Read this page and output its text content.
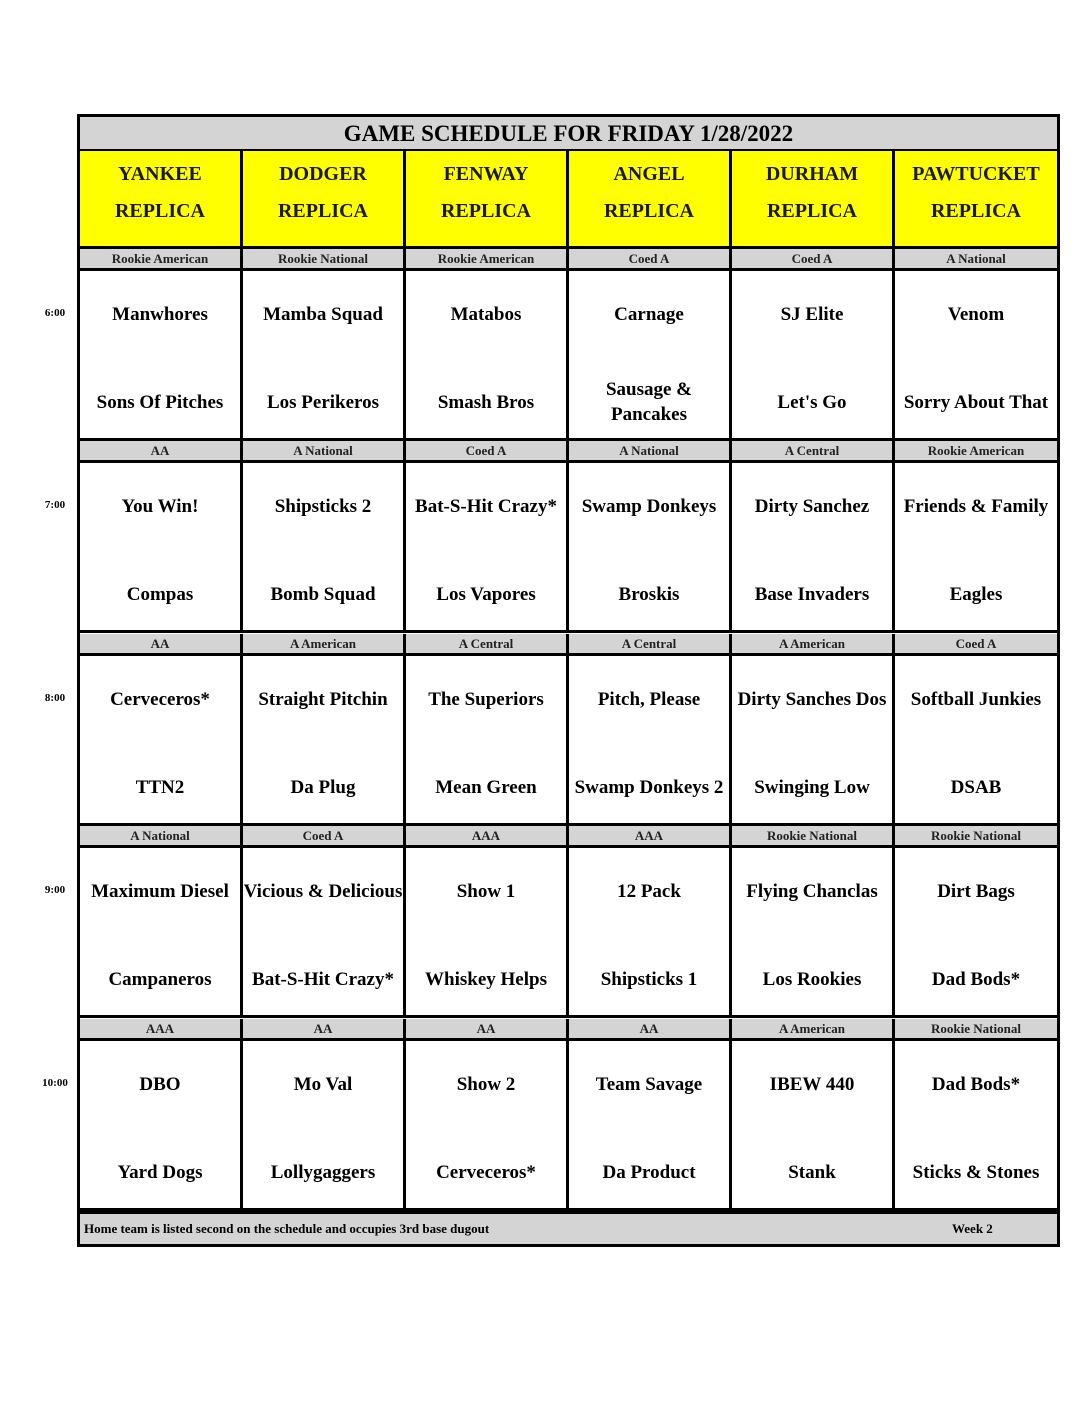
6:00
7:00
8:00
9:00
10:00
GAME SCHEDULE FOR FRIDAY 1/28/2022
Home team is listed second on the schedule and occupies 3rd base dugout	Week 2
YANKEE
REPLICA
DODGER
REPLICA
FENWAY
REPLICA
ANGEL
REPLICA
DURHAM
REPLICA
PAWTUCKET
REPLICA
Rookie American
Manwhores
Sons Of Pitches
Rookie National
Mamba Squad
Los Perikeros
Rookie American
Matabos
Smash Bros
Coed A
Carnage
Sausage & Pancakes
Coed A
SJ Elite
Let's Go
A National
Venom
Sorry About That
AA
You Win!
Compas
A National
Shipsticks 2
Bomb Squad
Coed A
Bat-S-Hit Crazy*
Los Vapores
A National
Swamp Donkeys
Broskis
A Central
Dirty Sanchez
Base Invaders
Rookie American
Friends & Family
Eagles
AA
Cerveceros*
TTN2
A American
Straight Pitchin
Da Plug
A Central
The Superiors
Mean Green
A Central
Pitch, Please
Swamp Donkeys 2
A American
Dirty Sanches Dos
Swinging Low
Coed A
Softball Junkies
DSAB
A National
Maximum Diesel
Campaneros
Coed A
Vicious & Delicious
Bat-S-Hit Crazy*
AAA
Show 1
Whiskey Helps
AAA
12 Pack
Shipsticks 1
Rookie National
Flying Chanclas
Los Rookies
Rookie National
Dirt Bags
Dad Bods*
AAA
DBO
Yard Dogs
AA
Mo Val
Lollygaggers
AA
Show 2
Cerveceros*
AA
Team Savage
Da Product
A American
IBEW 440
Stank
Rookie National
Dad Bods*
Sticks & Stones
